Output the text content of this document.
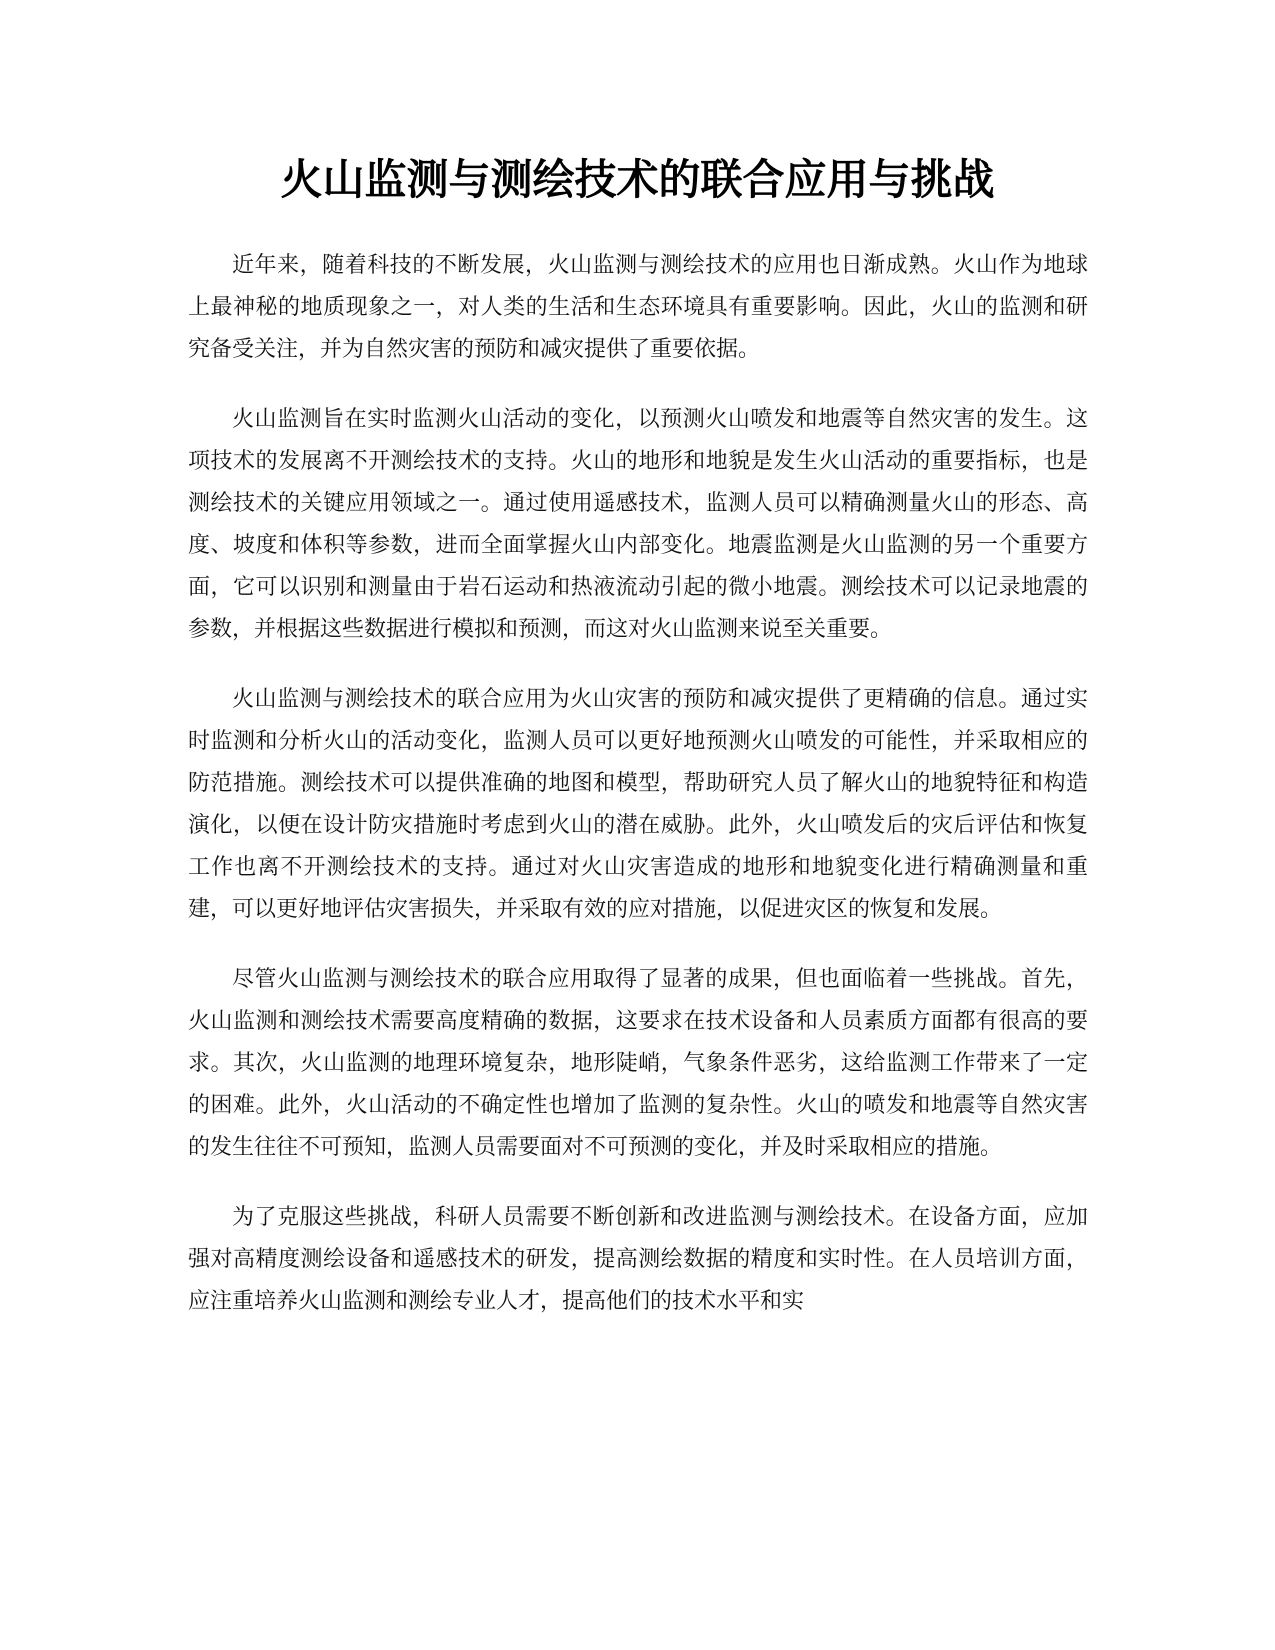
火山监测与测绘技术的联合应用与挑战

近年来，随着科技的不断发展，火山监测与测绘技术的应用也日渐成熟。火山作为地球上最神秘的地质现象之一，对人类的生活和生态环境具有重要影响。因此，火山的监测和研究备受关注，并为自然灾害的预防和减灾提供了重要依据。

火山监测旨在实时监测火山活动的变化，以预测火山喷发和地震等自然灾害的发生。这项技术的发展离不开测绘技术的支持。火山的地形和地貌是发生火山活动的重要指标，也是测绘技术的关键应用领域之一。通过使用遥感技术，监测人员可以精确测量火山的形态、高度、坡度和体积等参数，进而全面掌握火山内部变化。地震监测是火山监测的另一个重要方面，它可以识别和测量由于岩石运动和热液流动引起的微小地震。测绘技术可以记录地震的参数，并根据这些数据进行模拟和预测，而这对火山监测来说至关重要。

火山监测与测绘技术的联合应用为火山灾害的预防和减灾提供了更精确的信息。通过实时监测和分析火山的活动变化，监测人员可以更好地预测火山喷发的可能性，并采取相应的防范措施。测绘技术可以提供准确的地图和模型，帮助研究人员了解火山的地貌特征和构造演化，以便在设计防灾措施时考虑到火山的潜在威胁。此外，火山喷发后的灾后评估和恢复工作也离不开测绘技术的支持。通过对火山灾害造成的地形和地貌变化进行精确测量和重建，可以更好地评估灾害损失，并采取有效的应对措施，以促进灾区的恢复和发展。

尽管火山监测与测绘技术的联合应用取得了显著的成果，但也面临着一些挑战。首先，火山监测和测绘技术需要高度精确的数据，这要求在技术设备和人员素质方面都有很高的要求。其次，火山监测的地理环境复杂，地形陡峭，气象条件恶劣，这给监测工作带来了一定的困难。此外，火山活动的不确定性也增加了监测的复杂性。火山的喷发和地震等自然灾害的发生往往不可预知，监测人员需要面对不可预测的变化，并及时采取相应的措施。

为了克服这些挑战，科研人员需要不断创新和改进监测与测绘技术。在设备方面，应加强对高精度测绘设备和遥感技术的研发，提高测绘数据的精度和实时性。在人员培训方面，应注重培养火山监测和测绘专业人才，提高他们的技术水平和实
